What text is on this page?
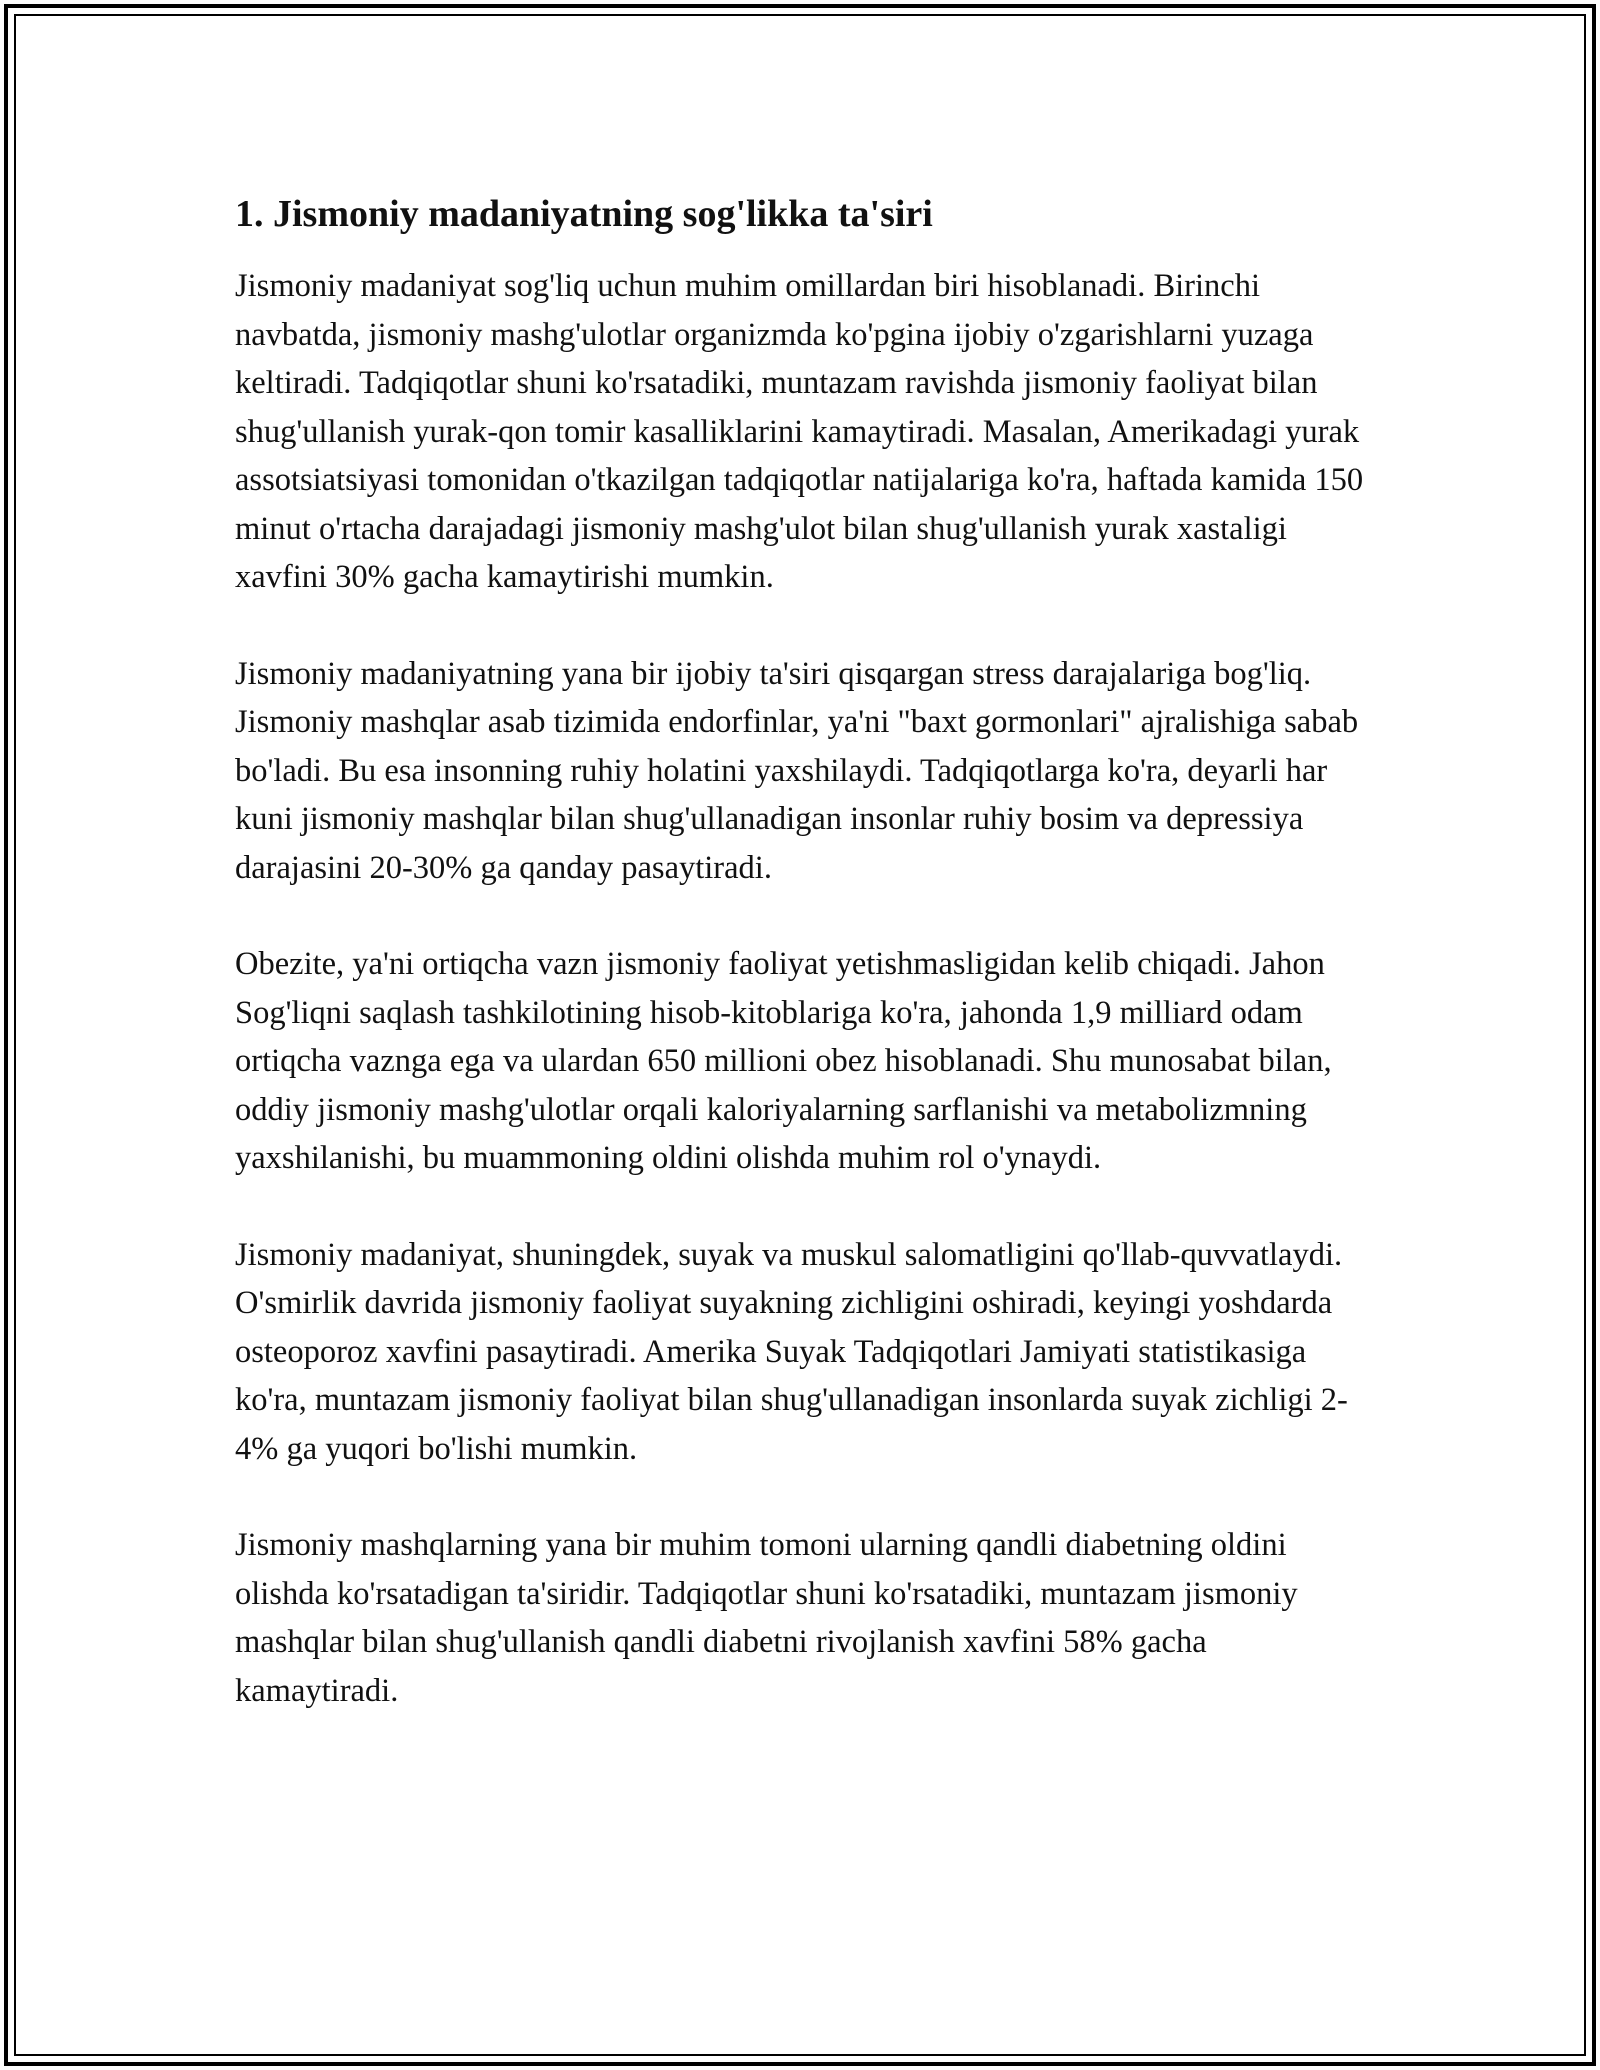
1. Jismoniy madaniyatning sog'likka ta'siri

Jismoniy madaniyat sog'liq uchun muhim omillardan biri hisoblanadi. Birinchi navbatda, jismoniy mashg'ulotlar organizmda ko'pgina ijobiy o'zgarishlarni yuzaga keltiradi. Tadqiqotlar shuni ko'rsatadiki, muntazam ravishda jismoniy faoliyat bilan shug'ullanish yurak-qon tomir kasalliklarini kamaytiradi. Masalan, Amerikadagi yurak assotsiatsiyasi tomonidan o'tkazilgan tadqiqotlar natijalariga ko'ra, haftada kamida 150 minut o'rtacha darajadagi jismoniy mashg'ulot bilan shug'ullanish yurak xastaligi xavfini 30% gacha kamaytirishi mumkin.

Jismoniy madaniyatning yana bir ijobiy ta'siri qisqargan stress darajalariga bog'liq. Jismoniy mashqlar asab tizimida endorfinlar, ya'ni "baxt gormonlari" ajralishiga sabab bo'ladi. Bu esa insonning ruhiy holatini yaxshilaydi. Tadqiqotlarga ko'ra, deyarli har kuni jismoniy mashqlar bilan shug'ullanadigan insonlar ruhiy bosim va depressiya darajasini 20-30% ga qanday pasaytiradi.

Obezite, ya'ni ortiqcha vazn jismoniy faoliyat yetishmasligidan kelib chiqadi. Jahon Sog'liqni saqlash tashkilotining hisob-kitoblariga ko'ra, jahonda 1,9 milliard odam ortiqcha vaznga ega va ulardan 650 millioni obez hisoblanadi. Shu munosabat bilan, oddiy jismoniy mashg'ulotlar orqali kaloriyalarning sarflanishi va metabolizmning yaxshilanishi, bu muammoning oldini olishda muhim rol o'ynaydi.

Jismoniy madaniyat, shuningdek, suyak va muskul salomatligini qo'llab-quvvatlaydi. O'smirlik davrida jismoniy faoliyat suyakning zichligini oshiradi, keyingi yoshdarda osteoporoz xavfini pasaytiradi. Amerika Suyak Tadqiqotlari Jamiyati statistikasiga ko'ra, muntazam jismoniy faoliyat bilan shug'ullanadigan insonlarda suyak zichligi 2-4% ga yuqori bo'lishi mumkin.

Jismoniy mashqlarning yana bir muhim tomoni ularning qandli diabetning oldini olishda ko'rsatadigan ta'siridir. Tadqiqotlar shuni ko'rsatadiki, muntazam jismoniy mashqlar bilan shug'ullanish qandli diabetni rivojlanish xavfini 58% gacha kamaytiradi.
